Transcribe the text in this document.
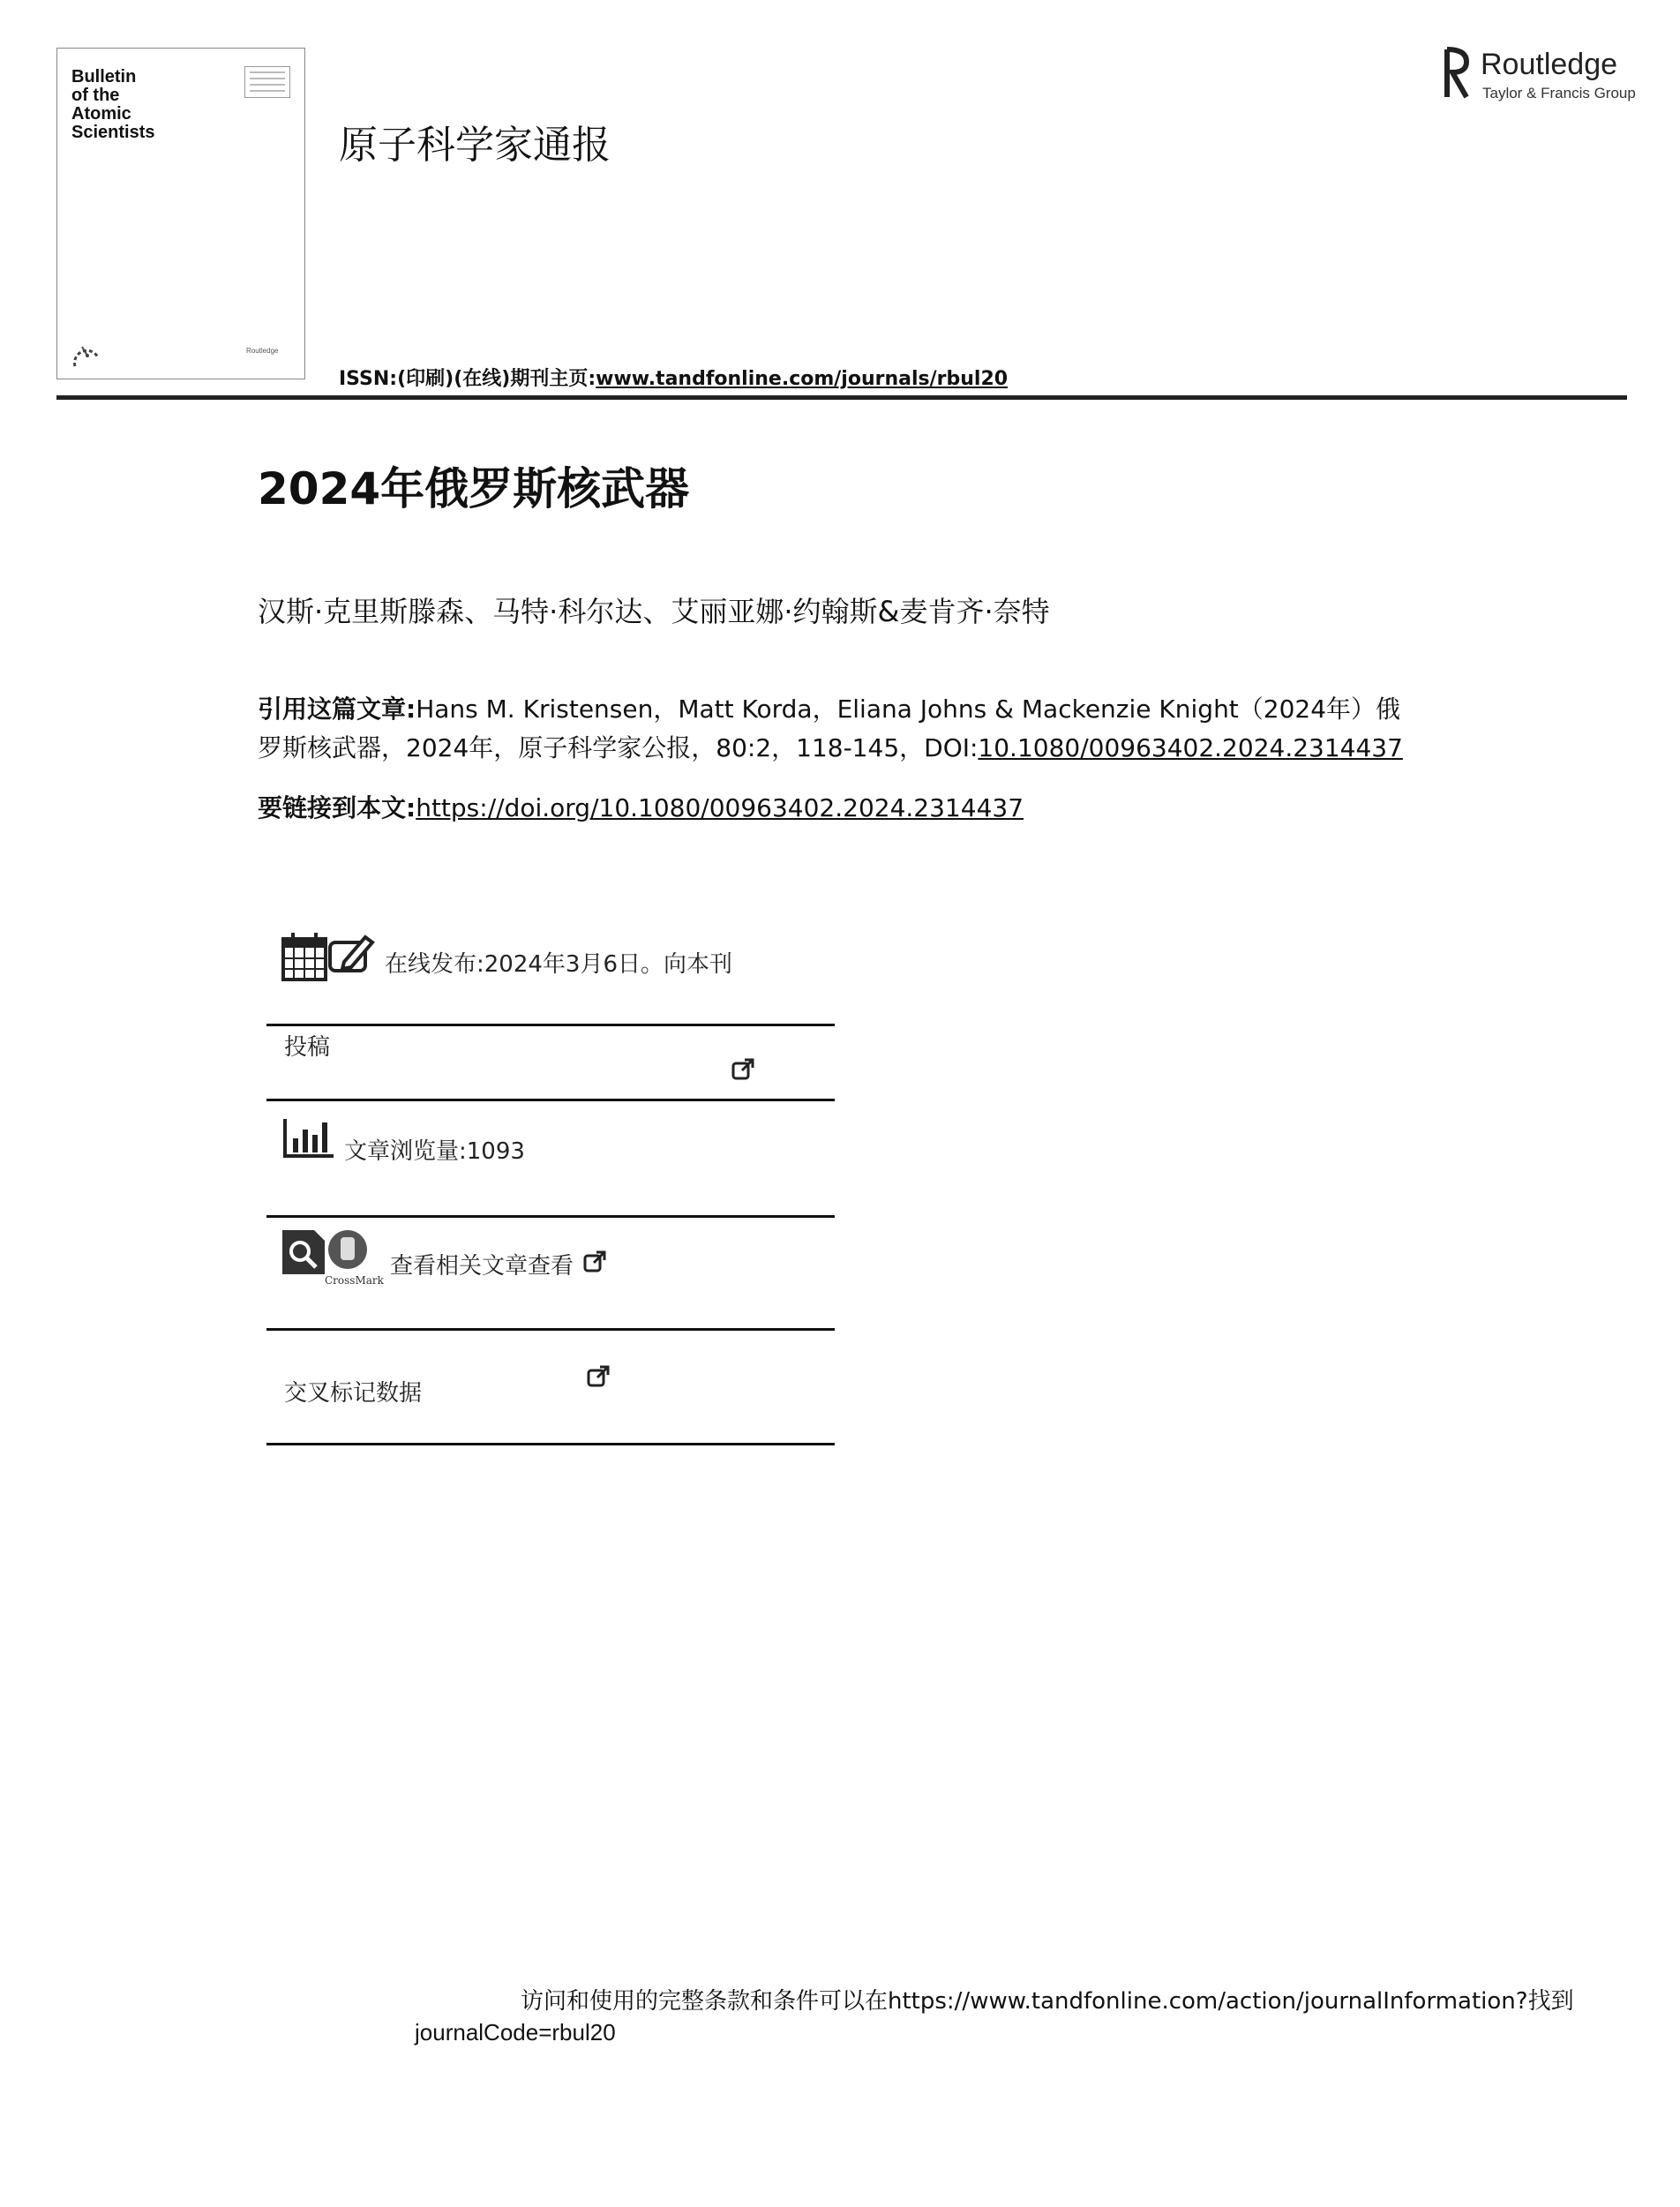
Bulletin
of the
Atomic
Scientists
Routledge
原子科学家通报
ISSN:(印刷)(在线)期刊主页:www.tandfonline.com/journals/rbul20
Routledge
Taylor & Francis Group
2024年俄罗斯核武器
汉斯·克里斯滕森、马特·科尔达、艾丽亚娜·约翰斯&麦肯齐·奈特
引用这篇文章:Hans M. Kristensen，Matt Korda，Eliana Johns & Mackenzie Knight（2024年）俄
罗斯核武器，2024年，原子科学家公报，80:2，118-145，DOI:10.1080/00963402.2024.2314437
要链接到本文:https://doi.org/10.1080/00963402.2024.2314437
在线发布:2024年3月6日。向本刊
投稿
文章浏览量:1093
CrossMark
查看相关文章查看
交叉标记数据
访问和使用的完整条款和条件可以在https://www.tandfonline.com/action/journalInformation?找到
journalCode=rbul20
